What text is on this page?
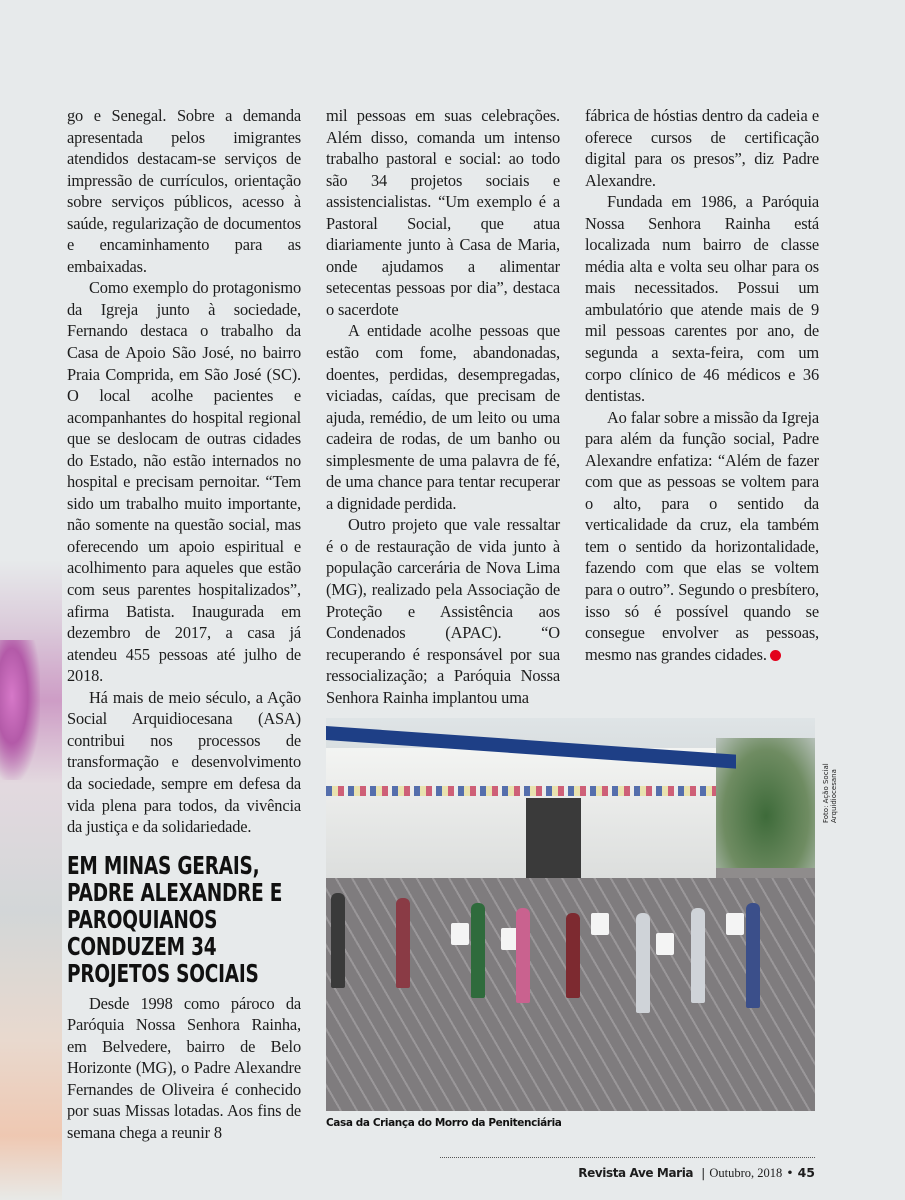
go e Senegal. Sobre a demanda apresentada pelos imigrantes atendidos destacam-se serviços de impressão de currículos, orientação sobre serviços públicos, acesso à saúde, regularização de documentos e encaminhamento para as embaixadas.

Como exemplo do protagonismo da Igreja junto à sociedade, Fernando destaca o trabalho da Casa de Apoio São José, no bairro Praia Comprida, em São José (SC). O local acolhe pacientes e acompanhantes do hospital regional que se deslocam de outras cidades do Estado, não estão internados no hospital e precisam pernoitar. “Tem sido um trabalho muito importante, não somente na questão social, mas oferecendo um apoio espiritual e acolhimento para aqueles que estão com seus parentes hospitalizados”, afirma Batista. Inaugurada em dezembro de 2017, a casa já atendeu 455 pessoas até julho de 2018.

Há mais de meio século, a Ação Social Arquidiocesana (ASA) contribui nos processos de transformação e desenvolvimento da sociedade, sempre em defesa da vida plena para todos, da vivência da justiça e da solidariedade.

EM MINAS GERAIS, PADRE ALEXANDRE E PAROQUIANOS CONDUZEM 34 PROJETOS SOCIAIS

Desde 1998 como pároco da Paróquia Nossa Senhora Rainha, em Belvedere, bairro de Belo Horizonte (MG), o Padre Alexandre Fernandes de Oliveira é conhecido por suas Missas lotadas. Aos fins de semana chega a reunir 8

mil pessoas em suas celebrações. Além disso, comanda um intenso trabalho pastoral e social: ao todo são 34 projetos sociais e assistencialistas. “Um exemplo é a Pastoral Social, que atua diariamente junto à Casa de Maria, onde ajudamos a alimentar setecentas pessoas por dia”, destaca o sacerdote

A entidade acolhe pessoas que estão com fome, abandonadas, doentes, perdidas, desempregadas, viciadas, caídas, que precisam de ajuda, remédio, de um leito ou uma cadeira de rodas, de um banho ou simplesmente de uma palavra de fé, de uma chance para tentar recuperar a dignidade perdida.

Outro projeto que vale ressaltar é o de restauração de vida junto à população carcerária de Nova Lima (MG), realizado pela Associação de Proteção e Assistência aos Condenados (APAC). “O recuperando é responsável por sua ressocialização; a Paróquia Nossa Senhora Rainha implantou uma

fábrica de hóstias dentro da cadeia e oferece cursos de certificação digital para os presos”, diz Padre Alexandre.

Fundada em 1986, a Paróquia Nossa Senhora Rainha está localizada num bairro de classe média alta e volta seu olhar para os mais necessitados. Possui um ambulatório que atende mais de 9 mil pessoas carentes por ano, de segunda a sexta-feira, com um corpo clínico de 46 médicos e 36 dentistas.

Ao falar sobre a missão da Igreja para além da função social, Padre Alexandre enfatiza: “Além de fazer com que as pessoas se voltem para o alto, para o sentido da verticalidade da cruz, ela também tem o sentido da horizontalidade, fazendo com que elas se voltem para o outro”. Segundo o presbítero, isso só é possível quando se consegue envolver as pessoas, mesmo nas grandes cidades.

Foto: Ação Social Arquidiocesana
Casa da Criança do Morro da Penitenciária
Revista Ave Maria | Outubro, 2018 • 45
